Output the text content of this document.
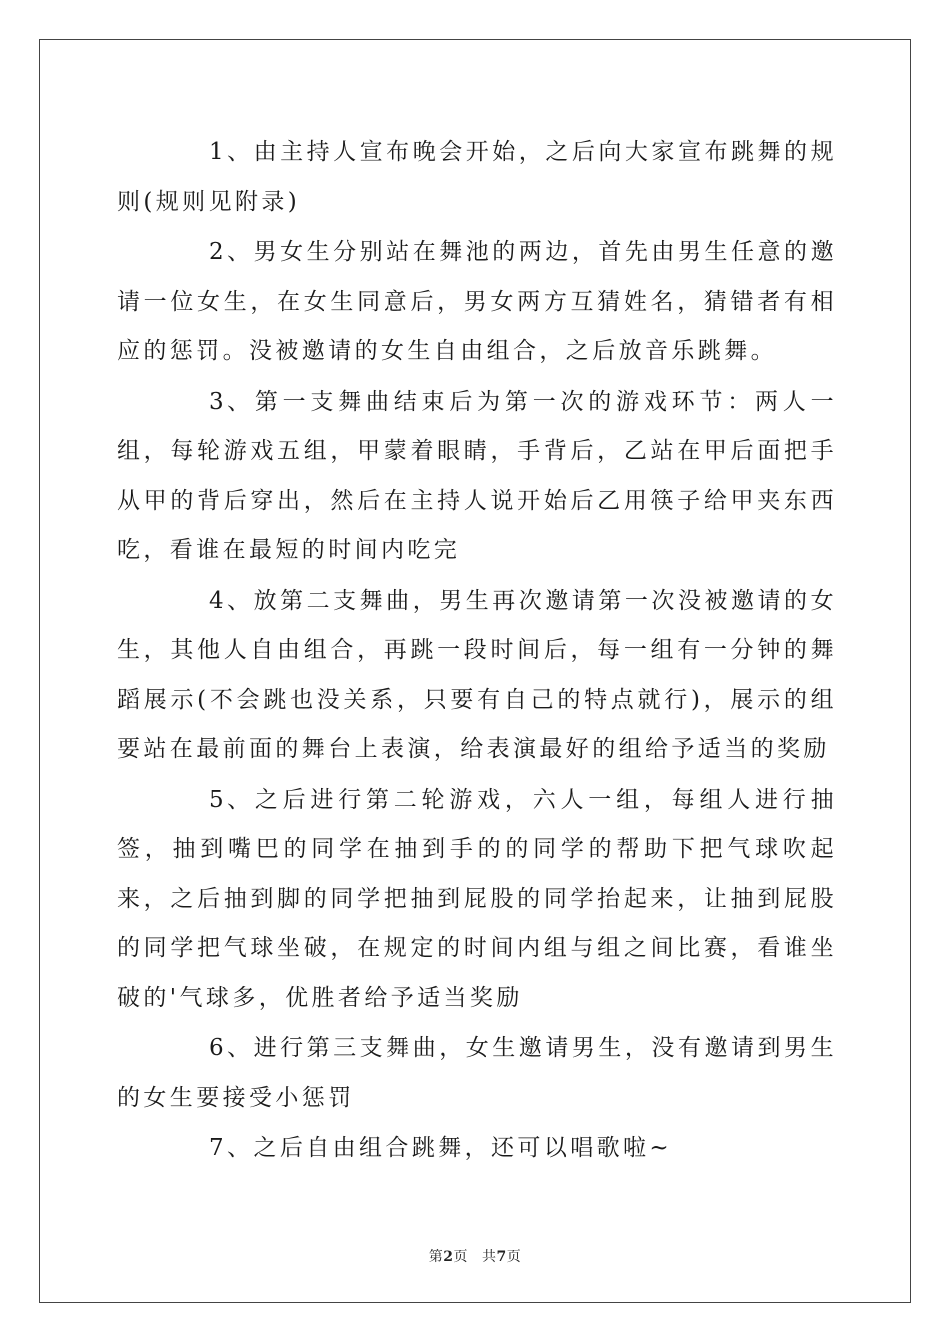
1、由主持人宣布晚会开始，之后向大家宣布跳舞的规则(规则见附录)

2、男女生分别站在舞池的两边，首先由男生任意的邀请一位女生，在女生同意后，男女两方互猜姓名，猜错者有相应的惩罚。没被邀请的女生自由组合，之后放音乐跳舞。

3、第一支舞曲结束后为第一次的游戏环节：两人一组，每轮游戏五组，甲蒙着眼睛，手背后，乙站在甲后面把手从甲的背后穿出，然后在主持人说开始后乙用筷子给甲夹东西吃，看谁在最短的时间内吃完

4、放第二支舞曲，男生再次邀请第一次没被邀请的女生，其他人自由组合，再跳一段时间后，每一组有一分钟的舞蹈展示(不会跳也没关系，只要有自己的特点就行)，展示的组要站在最前面的舞台上表演，给表演最好的组给予适当的奖励

5、之后进行第二轮游戏，六人一组，每组人进行抽签，抽到嘴巴的同学在抽到手的的同学的帮助下把气球吹起来，之后抽到脚的同学把抽到屁股的同学抬起来，让抽到屁股的同学把气球坐破，在规定的时间内组与组之间比赛，看谁坐破的'气球多，优胜者给予适当奖励

6、进行第三支舞曲，女生邀请男生，没有邀请到男生的女生要接受小惩罚

7、之后自由组合跳舞，还可以唱歌啦~

第2页 共7页
